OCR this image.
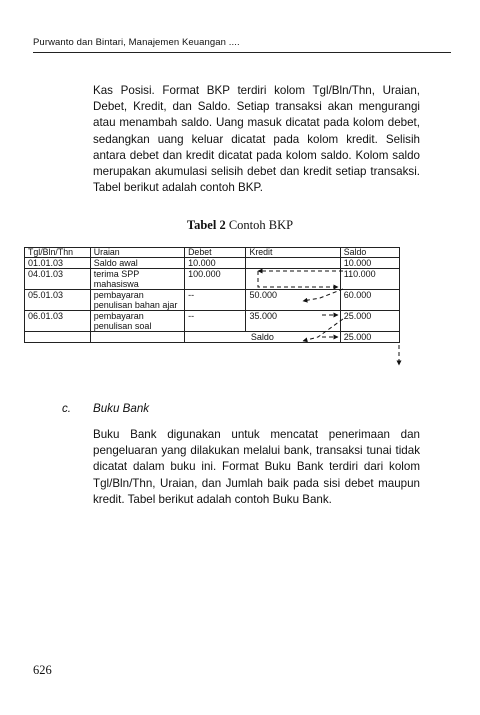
Purwanto dan Bintari, Manajemen Keuangan ....

Kas Posisi. Format BKP terdiri kolom Tgl/Bln/Thn, Uraian, Debet, Kredit, dan Saldo. Setiap transaksi akan mengurangi atau menambah saldo. Uang masuk dicatat pada kolom debet, sedangkan uang keluar dicatat pada kolom kredit. Selisih antara debet dan kredit dicatat pada kolom saldo. Kolom saldo merupakan akumulasi selisih debet dan kredit setiap transaksi. Tabel berikut adalah contoh BKP.

Tabel 2 Contoh BKP
Tgl/Bln/Thn	Uraian	Debet	Kredit	Saldo
01.01.03	Saldo awal	10.000		10.000
04.01.03	terima SPP mahasiswa	100.000		110.000
05.01.03	pembayaran penulisan bahan ajar	--	50.000	60.000
06.01.03	pembayaran penulisan soal	--	35.000	25.000
		Saldo		25.000
c. Buku Bank

Buku Bank digunakan untuk mencatat penerimaan dan pengeluaran yang dilakukan melalui bank, transaksi tunai tidak dicatat dalam buku ini. Format Buku Bank terdiri dari kolom Tgl/Bln/Thn, Uraian, dan Jumlah baik pada sisi debet maupun kredit. Tabel berikut adalah contoh Buku Bank.

626
